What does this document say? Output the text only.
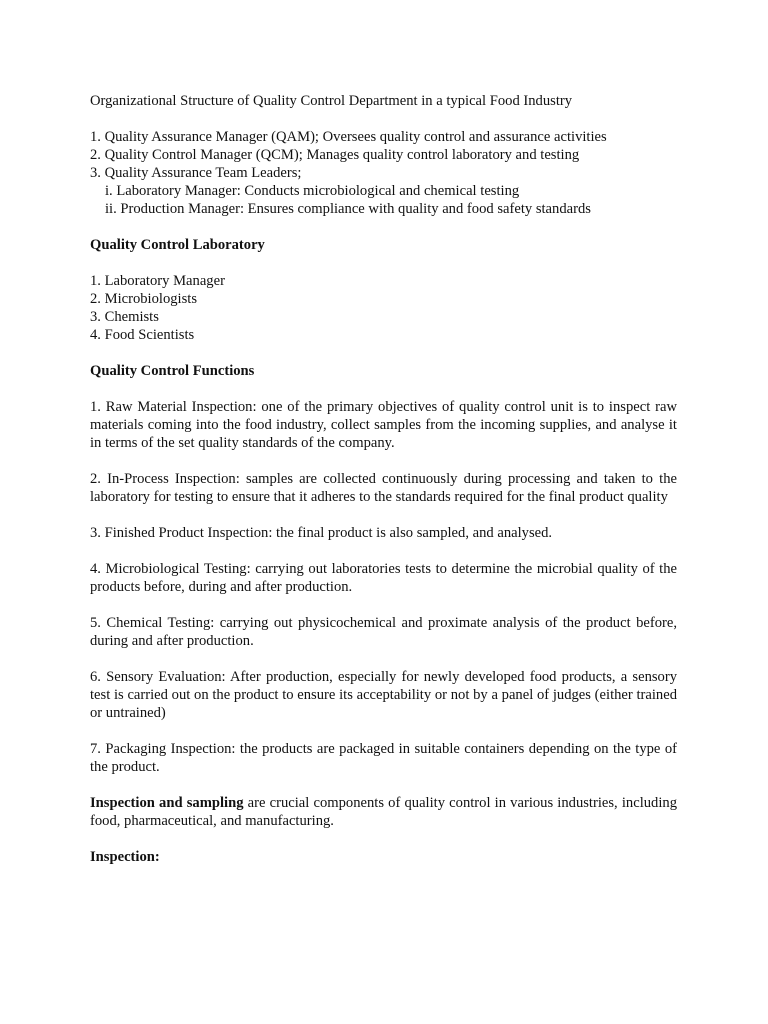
Organizational Structure of Quality Control Department in a typical Food Industry

1. Quality Assurance Manager (QAM); Oversees quality control and assurance activities

2. Quality Control Manager (QCM); Manages quality control laboratory and testing

3. Quality Assurance Team Leaders;

i. Laboratory Manager: Conducts microbiological and chemical testing

ii. Production Manager: Ensures compliance with quality and food safety standards

Quality Control Laboratory

1. Laboratory Manager

2. Microbiologists

3. Chemists

4. Food Scientists

Quality Control Functions

1. Raw Material Inspection: one of the primary objectives of quality control unit is to inspect raw materials coming into the food industry, collect samples from the incoming supplies, and analyse it in terms of the set quality standards of the company.

2. In-Process Inspection: samples are collected continuously during processing and taken to the laboratory for testing to ensure that it adheres to the standards required for the final product quality

3. Finished Product Inspection: the final product is also sampled, and analysed.

4. Microbiological Testing: carrying out laboratories tests to determine the microbial quality of the products before, during and after production.

5. Chemical Testing: carrying out physicochemical and proximate analysis of the product before, during and after production.

6. Sensory Evaluation: After production, especially for newly developed food products, a sensory test is carried out on the product to ensure its acceptability or not by a panel of judges (either trained or untrained)

7. Packaging Inspection: the products are packaged in suitable containers depending on the type of the product.

Inspection and sampling are crucial components of quality control in various industries, including food, pharmaceutical, and manufacturing.

Inspection:
